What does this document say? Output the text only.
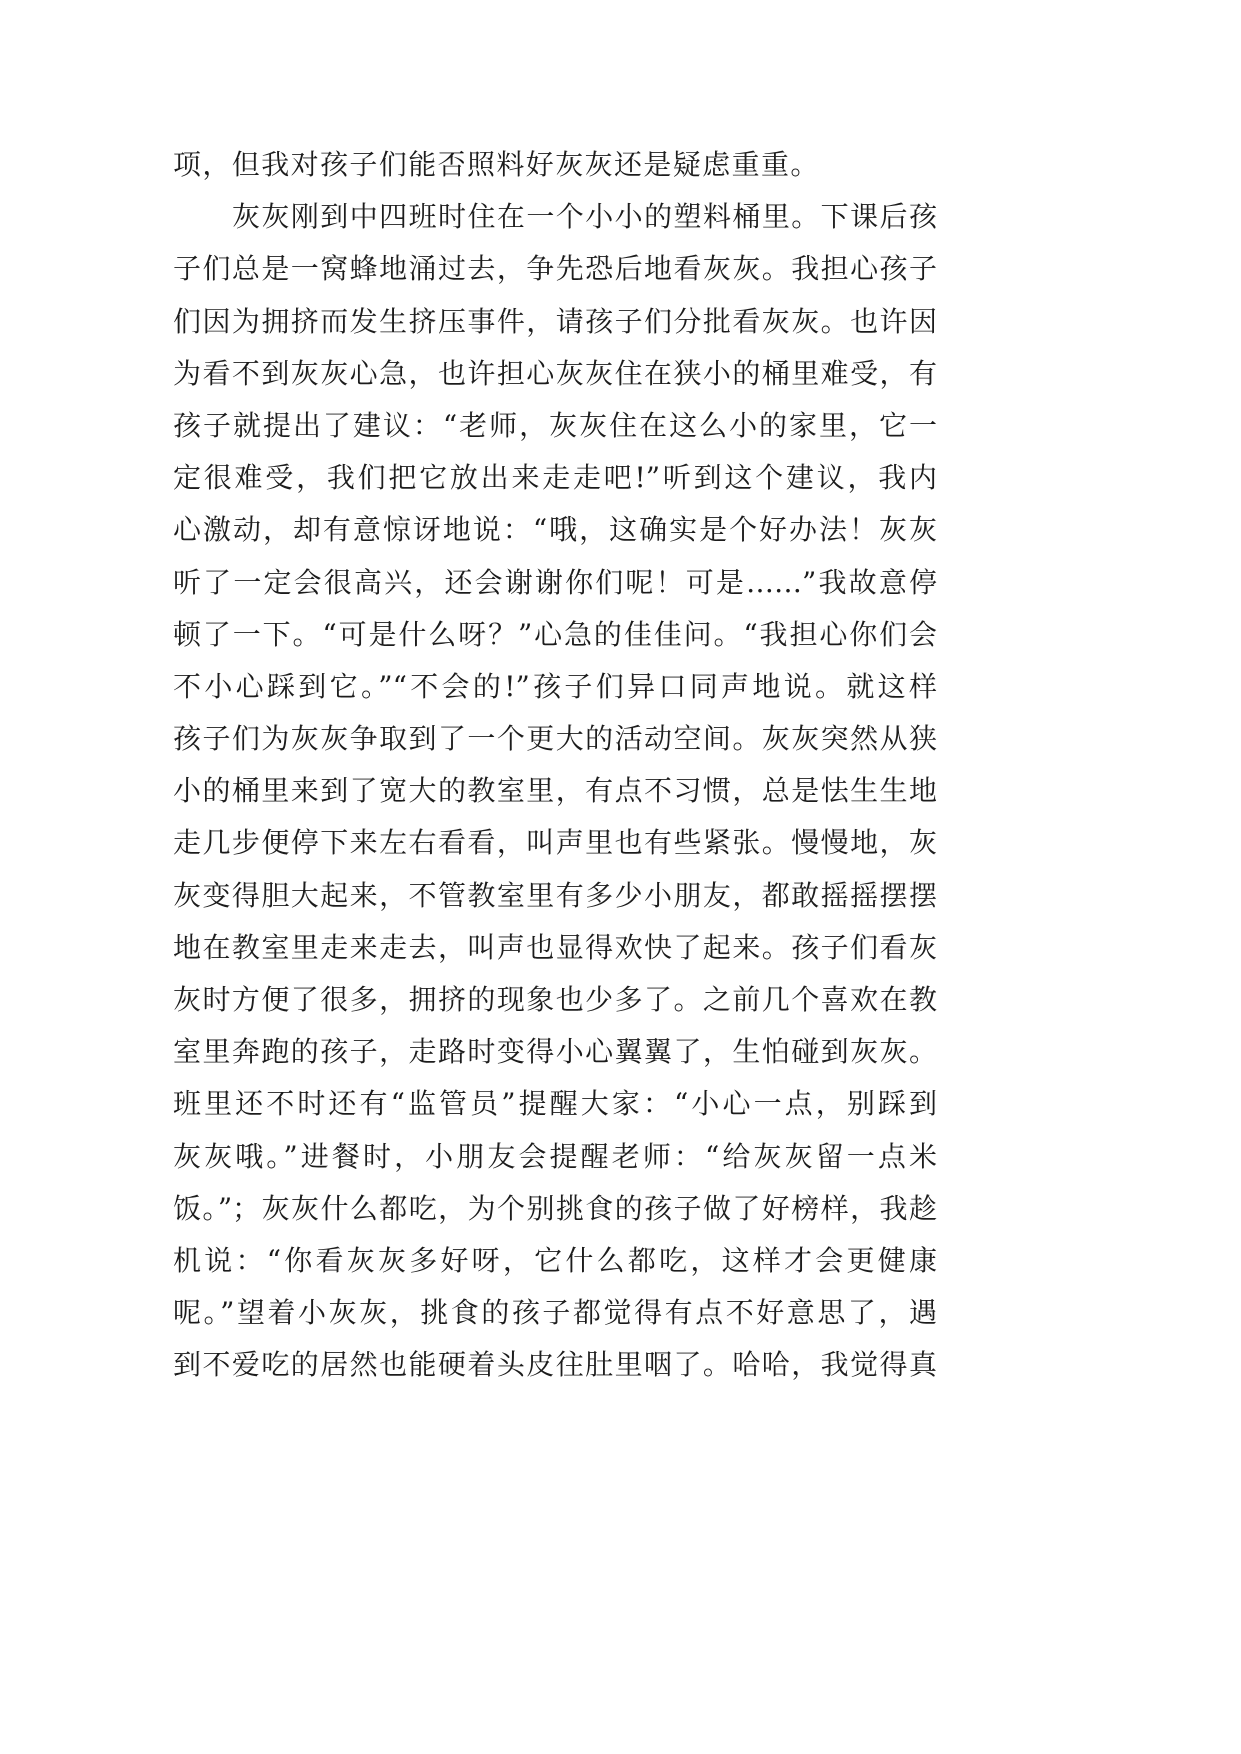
项，但我对孩子们能否照料好灰灰还是疑虑重重。
灰灰刚到中四班时住在一个小小的塑料桶里。下课后孩
子们总是一窝蜂地涌过去，争先恐后地看灰灰。我担心孩子
们因为拥挤而发生挤压事件，请孩子们分批看灰灰。也许因
为看不到灰灰心急，也许担心灰灰住在狭小的桶里难受，有
孩子就提出了建议：“老师，灰灰住在这么小的家里，它一
定很难受，我们把它放出来走走吧!”听到这个建议，我内
心激动，却有意惊讶地说：“哦，这确实是个好办法！灰灰
听了一定会很高兴，还会谢谢你们呢！可是……”我故意停
顿了一下。“可是什么呀？”心急的佳佳问。“我担心你们会
不小心踩到它。”“不会的!”孩子们异口同声地说。就这样
孩子们为灰灰争取到了一个更大的活动空间。灰灰突然从狭
小的桶里来到了宽大的教室里，有点不习惯，总是怯生生地
走几步便停下来左右看看，叫声里也有些紧张。慢慢地，灰
灰变得胆大起来，不管教室里有多少小朋友，都敢摇摇摆摆
地在教室里走来走去，叫声也显得欢快了起来。孩子们看灰
灰时方便了很多，拥挤的现象也少多了。之前几个喜欢在教
室里奔跑的孩子，走路时变得小心翼翼了，生怕碰到灰灰。
班里还不时还有“监管员”提醒大家：“小心一点，别踩到
灰灰哦。”进餐时，小朋友会提醒老师：“给灰灰留一点米
饭。”；灰灰什么都吃，为个别挑食的孩子做了好榜样，我趁
机说：“你看灰灰多好呀，它什么都吃，这样才会更健康
呢。”望着小灰灰，挑食的孩子都觉得有点不好意思了，遇
到不爱吃的居然也能硬着头皮往肚里咽了。哈哈，我觉得真
